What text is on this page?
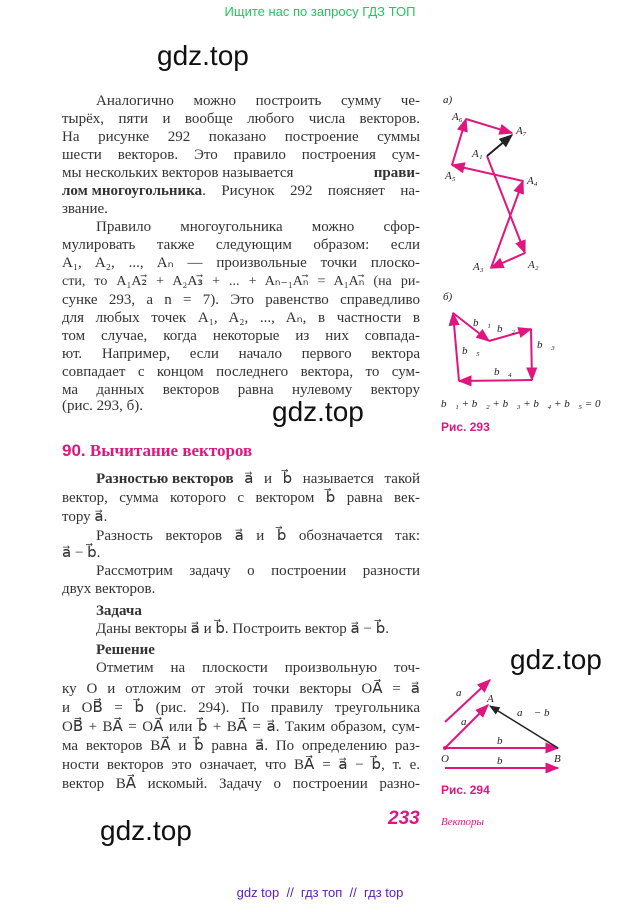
Ищите нас по запросу ГДЗ ТОП
gdz.top
gdz.top
gdz.top
gdz.top
Аналогично можно построить сумму че-
тырёх, пяти и вообще любого числа векторов.
На рисунке 292 показано построение суммы
шести векторов. Это правило построения сум-
мы нескольких векторов называется	прави-
лом многоугольника . Рисунок 292 поясняет на-
звание.
Правило многоугольника можно сфор-
мулировать также следующим образом: если
A₁, A₂, ..., Aₙ — произвольные точки плоско-
сти, то A₁A₂⃗ + A₂A₃⃗ + ... + Aₙ₋₁Aₙ⃗ = A₁Aₙ⃗ (на ри-
сунке 293, а n = 7). Это равенство справедливо
для любых точек A₁, A₂, ..., Aₙ, в частности в
том случае, когда некоторые из них совпада-
ют. Например, если начало первого вектора
совпадает с концом последнего вектора, то сум-
ма данных векторов равна нулевому вектору
(рис. 293, б).
90. Вычитание векторов
Разностью векторов a⃗ и b⃗ называется такой
вектор, сумма которого с вектором b⃗ равна век-
тору a⃗.
Разность векторов a⃗ и b⃗ обозначается так:
a⃗ − b⃗.
Рассмотрим задачу о построении разности
двух векторов.
Задача
Даны векторы a⃗ и b⃗. Построить вектор a⃗ − b⃗.
Решение
Отметим на плоскости произвольную точ-
ку O и отложим от этой точки векторы OA⃗ = a⃗
и OB⃗ = b⃗ (рис. 294). По правилу треугольника
OB⃗ + BA⃗ = OA⃗ или b⃗ + BA⃗ = a⃗. Таким образом, сум-
ма векторов BA⃗ и b⃗ равна a⃗. По определению раз-
ности векторов это означает, что BA⃗ = a⃗ − b⃗, т. е.
вектор BA⃗ искомый. Задачу о построении разно-
233 Векторы
а)
A₁
A₂
A₃
A₄
A₅
A₆
A₇
б)
b⃗₁ b⃗₂
b⃗₃
b⃗₄
b⃗₅
b⃗₁ + b⃗₂ + b⃗₃ + b⃗₄ + b⃗₅ = 0⃗
a⃗
a⃗
A
a⃗ − b⃗
b⃗
O	B
b⃗
Рис. 293
Рис. 294
gdz top  //  гдз топ  //  гдз top
